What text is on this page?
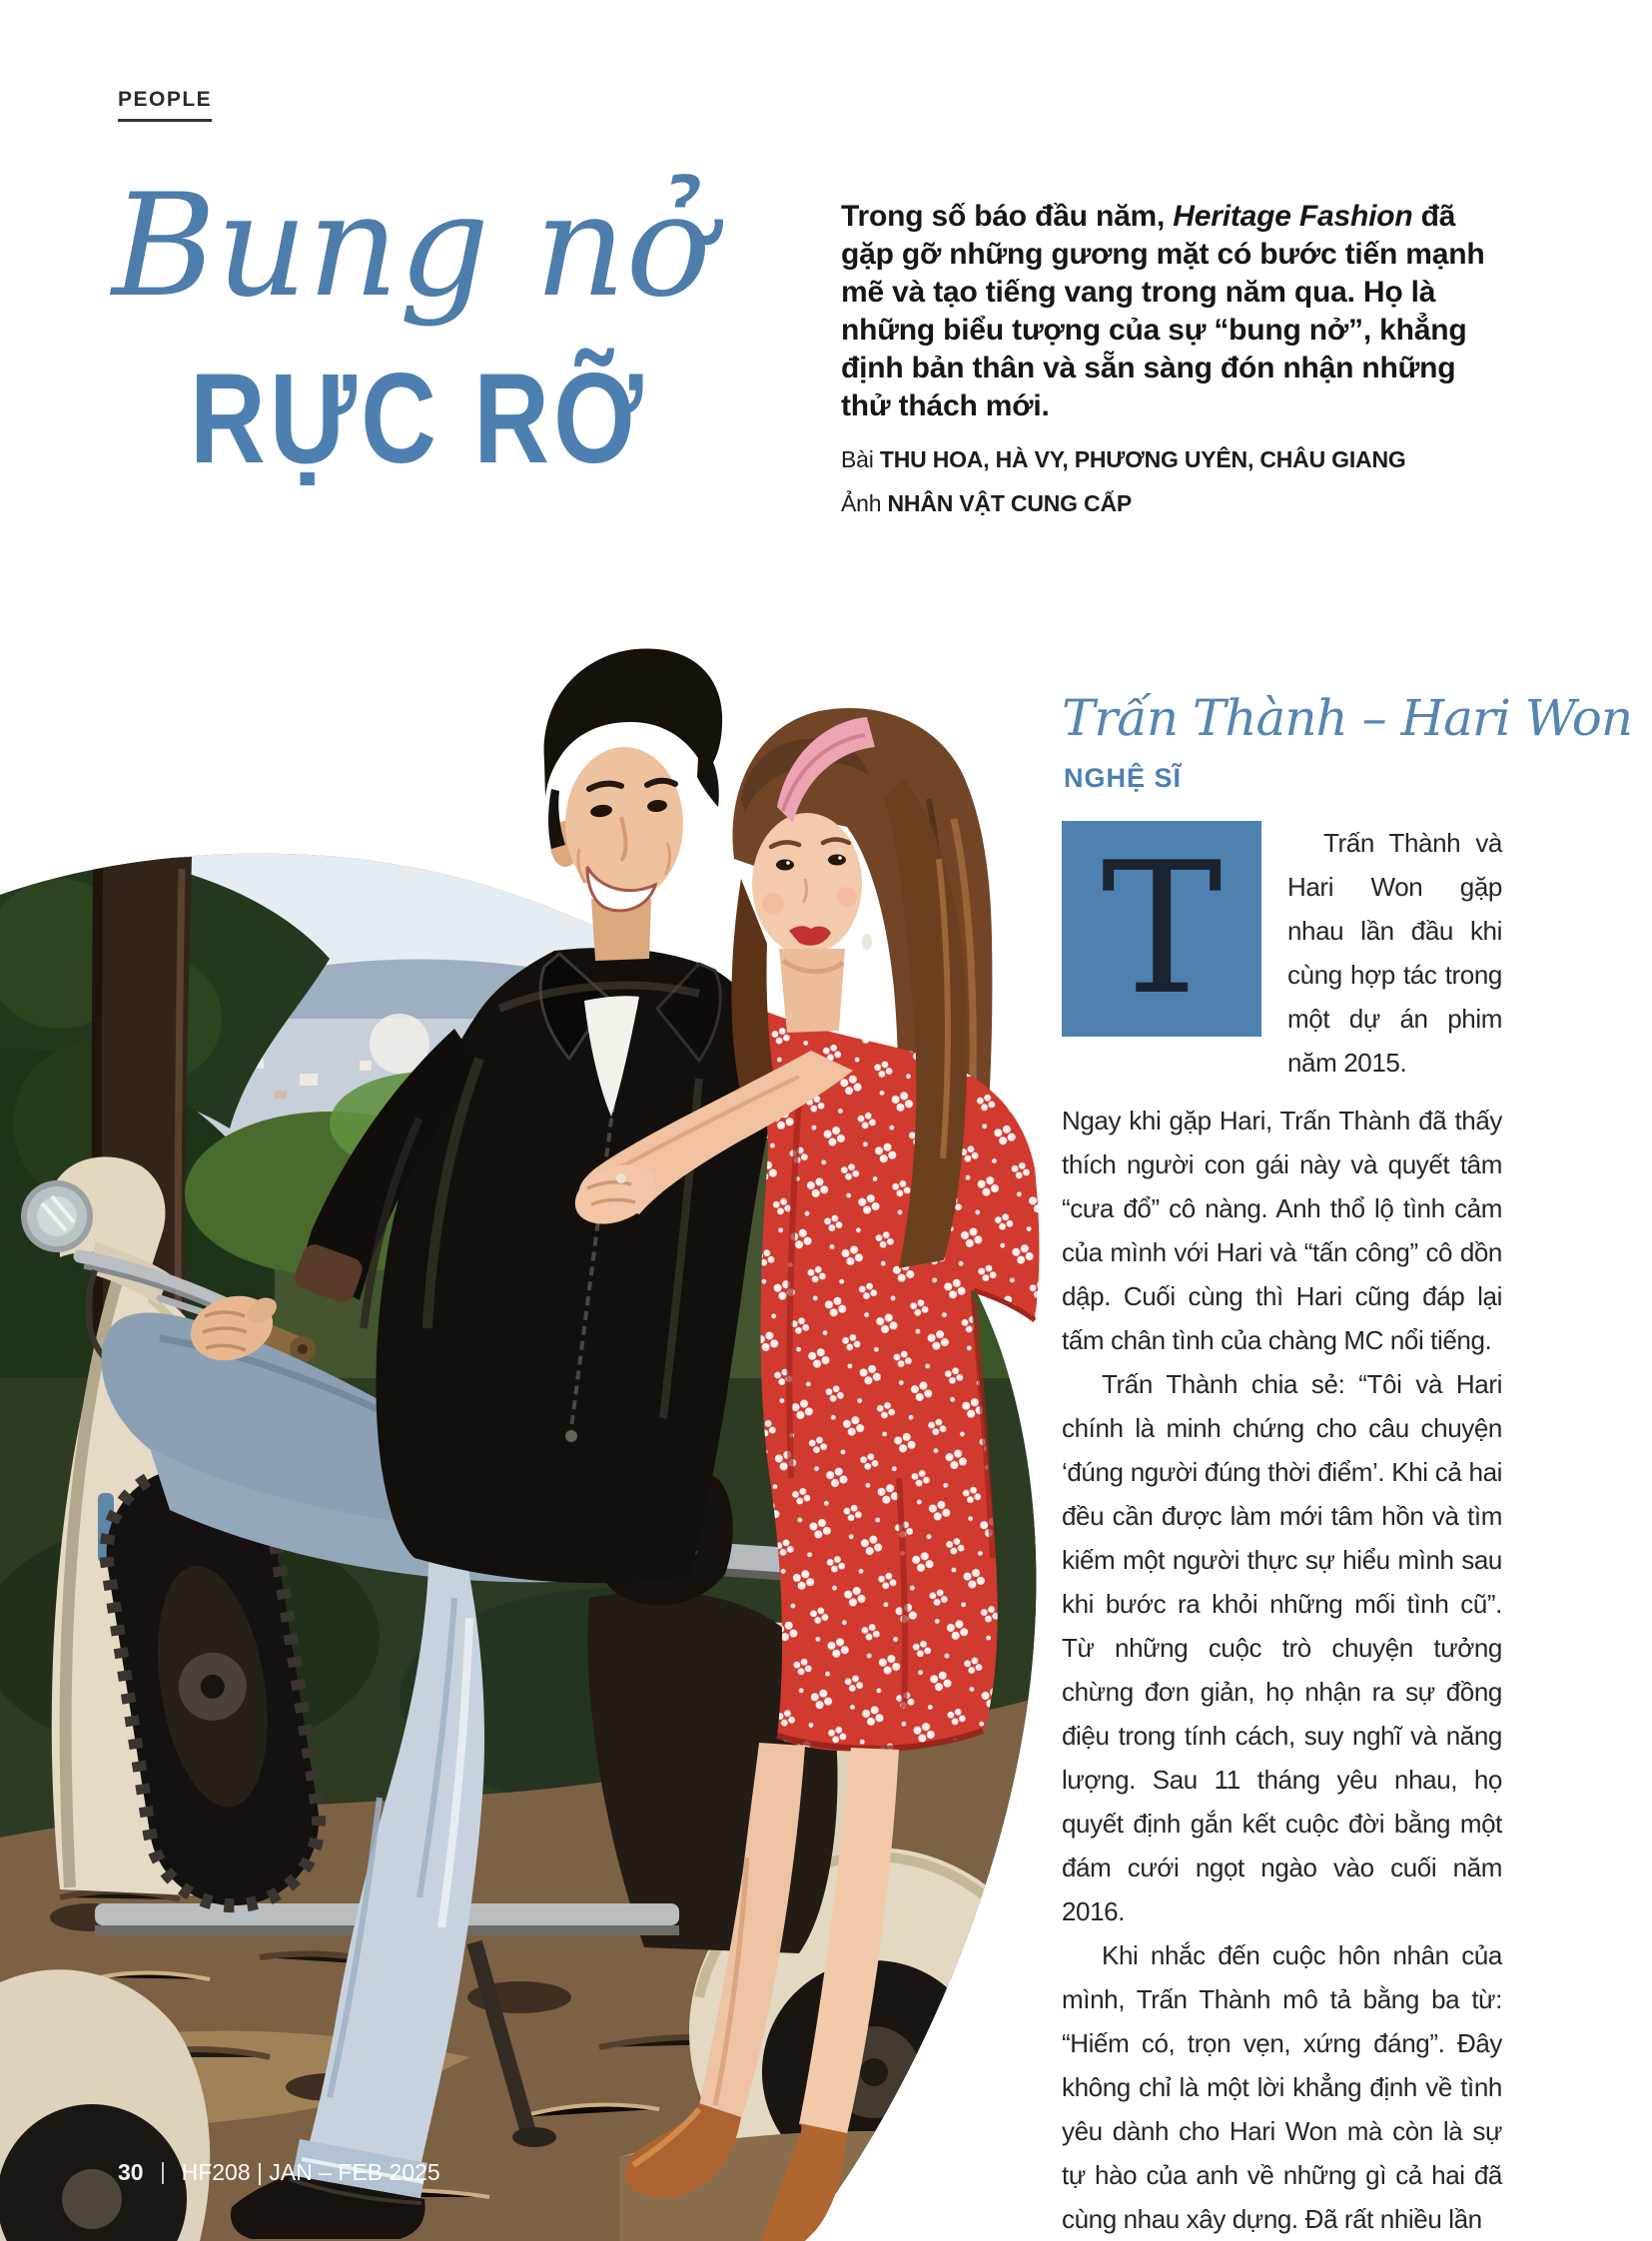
PEOPLE
Bung nở
RỰC RỠ
Trong số báo đầu năm, Heritage Fashion đã
gặp gỡ những gương mặt có bước tiến mạnh
mẽ và tạo tiếng vang trong năm qua. Họ là
những biểu tượng của sự “bung nở”, khẳng
định bản thân và sẵn sàng đón nhận những
thử thách mới.
Bài THU HOA, HÀ VY, PHƯƠNG UYÊN, CHÂU GIANG
Ảnh NHÂN VẬT CUNG CẤP
Trấn Thành – Hari Won
NGHỆ SĨ
T	Trấn Thành và Hari Won gặp nhau lần đầu khi cùng hợp tác trong một dự án phim năm 2015.

Ngay khi gặp Hari, Trấn Thành đã thấy thích người con gái này và quyết tâm “cưa đổ” cô nàng. Anh thổ lộ tình cảm của mình với Hari và “tấn công” cô dồn dập. Cuối cùng thì Hari cũng đáp lại tấm chân tình của chàng MC nổi tiếng.

Trấn Thành chia sẻ: “Tôi và Hari chính là minh chứng cho câu chuyện ‘đúng người đúng thời điểm’. Khi cả hai đều cần được làm mới tâm hồn và tìm kiếm một người thực sự hiểu mình sau khi bước ra khỏi những mối tình cũ”. Từ những cuộc trò chuyện tưởng chừng đơn giản, họ nhận ra sự đồng điệu trong tính cách, suy nghĩ và năng lượng. Sau 11 tháng yêu nhau, họ quyết định gắn kết cuộc đời bằng một đám cưới ngọt ngào vào cuối năm 2016.

Khi nhắc đến cuộc hôn nhân của mình, Trấn Thành mô tả bằng ba từ: “Hiếm có, trọn vẹn, xứng đáng”. Đây không chỉ là một lời khẳng định về tình yêu dành cho Hari Won mà còn là sự tự hào của anh về những gì cả hai đã cùng nhau xây dựng. Đã rất nhiều lần

30 HF208 | JAN – FEB 2025
